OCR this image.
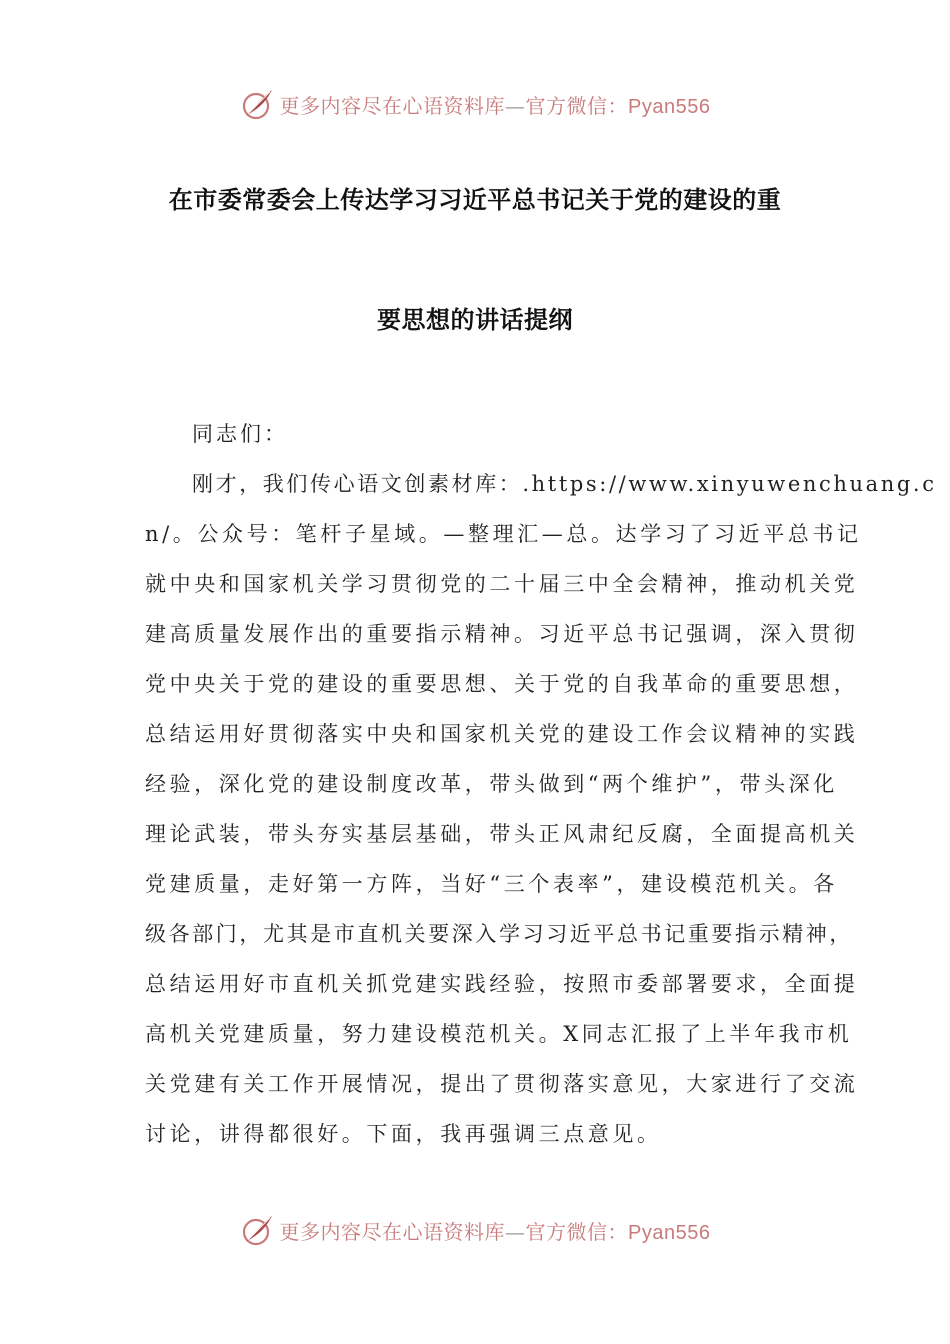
更多内容尽在心语资料库—官方微信：Pyan556
在市委常委会上传达学习习近平总书记关于党的建设的重
要思想的讲话提纲
同志们：
刚才，我们传心语文创素材库：.https://www.xinyuwenchuang.c
n/。公众号：笔杆子星域。—整理汇—总。达学习了习近平总书记
就中央和国家机关学习贯彻党的二十届三中全会精神，推动机关党
建高质量发展作出的重要指示精神。习近平总书记强调，深入贯彻
党中央关于党的建设的重要思想、关于党的自我革命的重要思想，
总结运用好贯彻落实中央和国家机关党的建设工作会议精神的实践
经验，深化党的建设制度改革，带头做到“两个维护”，带头深化
理论武装，带头夯实基层基础，带头正风肃纪反腐，全面提高机关
党建质量，走好第一方阵，当好“三个表率”，建设模范机关。各
级各部门，尤其是市直机关要深入学习习近平总书记重要指示精神，
总结运用好市直机关抓党建实践经验，按照市委部署要求，全面提
高机关党建质量，努力建设模范机关。X同志汇报了上半年我市机
关党建有关工作开展情况，提出了贯彻落实意见，大家进行了交流
讨论，讲得都很好。下面，我再强调三点意见。
更多内容尽在心语资料库—官方微信：Pyan556
